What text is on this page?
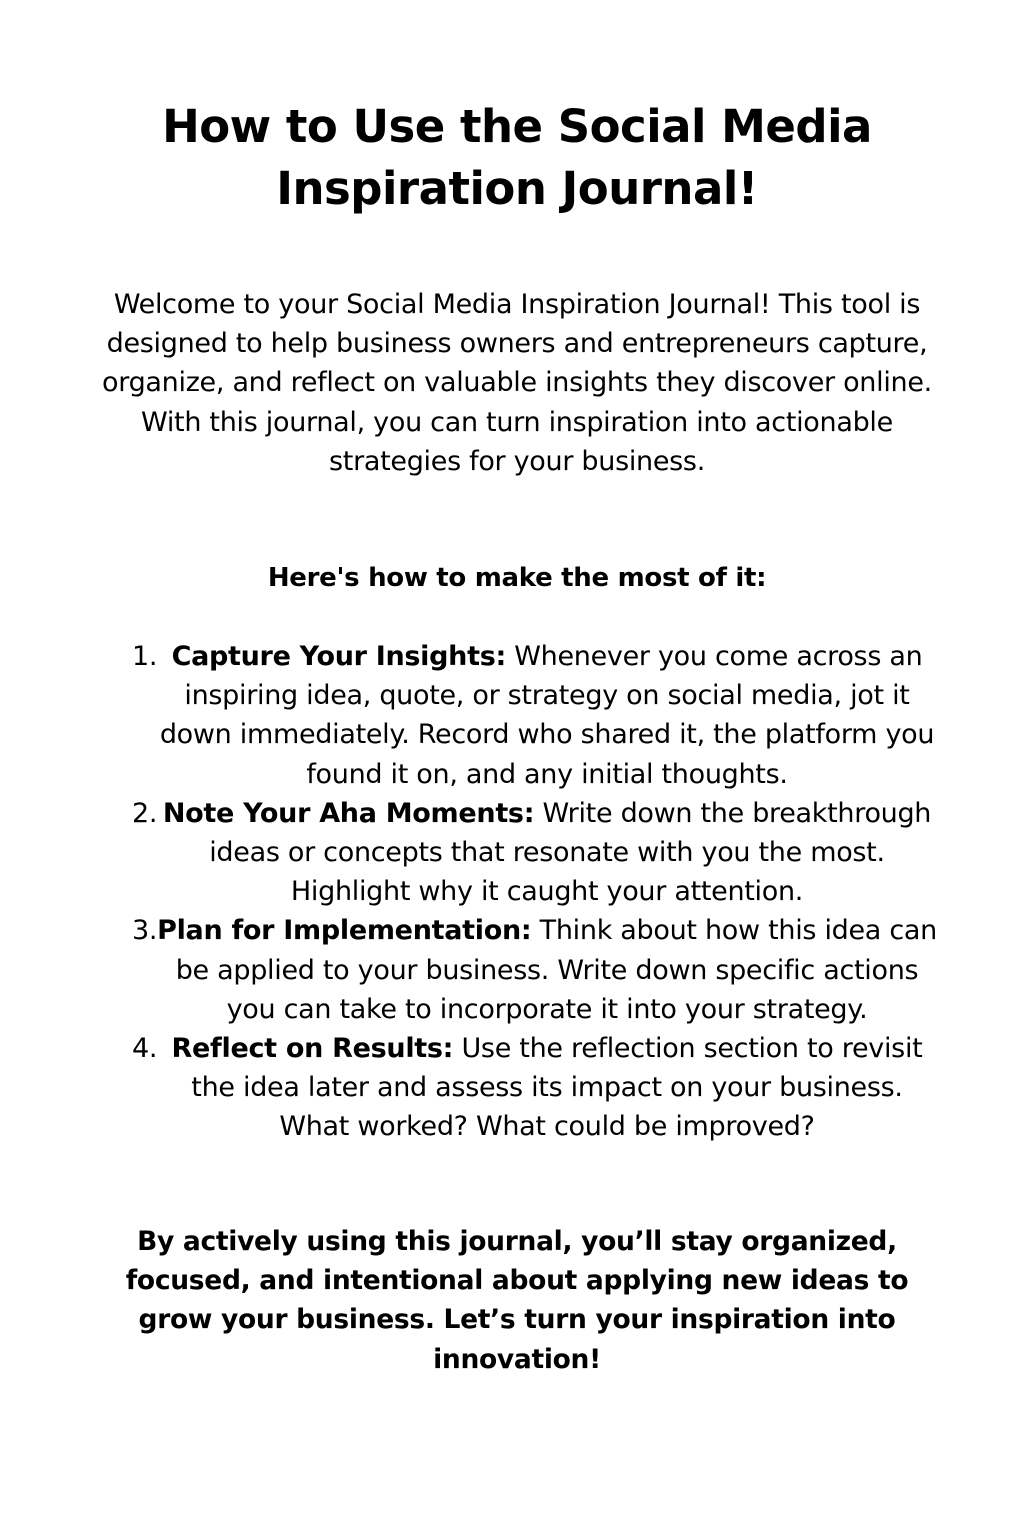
How to Use the Social Media Inspiration Journal!

Welcome to your Social Media Inspiration Journal! This tool is designed to help business owners and entrepreneurs capture, organize, and reflect on valuable insights they discover online. With this journal, you can turn inspiration into actionable strategies for your business.

Here's how to make the most of it:

1. Capture Your Insights: Whenever you come across an inspiring idea, quote, or strategy on social media, jot it down immediately. Record who shared it, the platform you found it on, and any initial thoughts.
2. Note Your Aha Moments: Write down the breakthrough ideas or concepts that resonate with you the most. Highlight why it caught your attention.
3. Plan for Implementation: Think about how this idea can be applied to your business. Write down specific actions you can take to incorporate it into your strategy.
4. Reflect on Results: Use the reflection section to revisit the idea later and assess its impact on your business. What worked? What could be improved?

By actively using this journal, you’ll stay organized, focused, and intentional about applying new ideas to grow your business. Let’s turn your inspiration into innovation!
